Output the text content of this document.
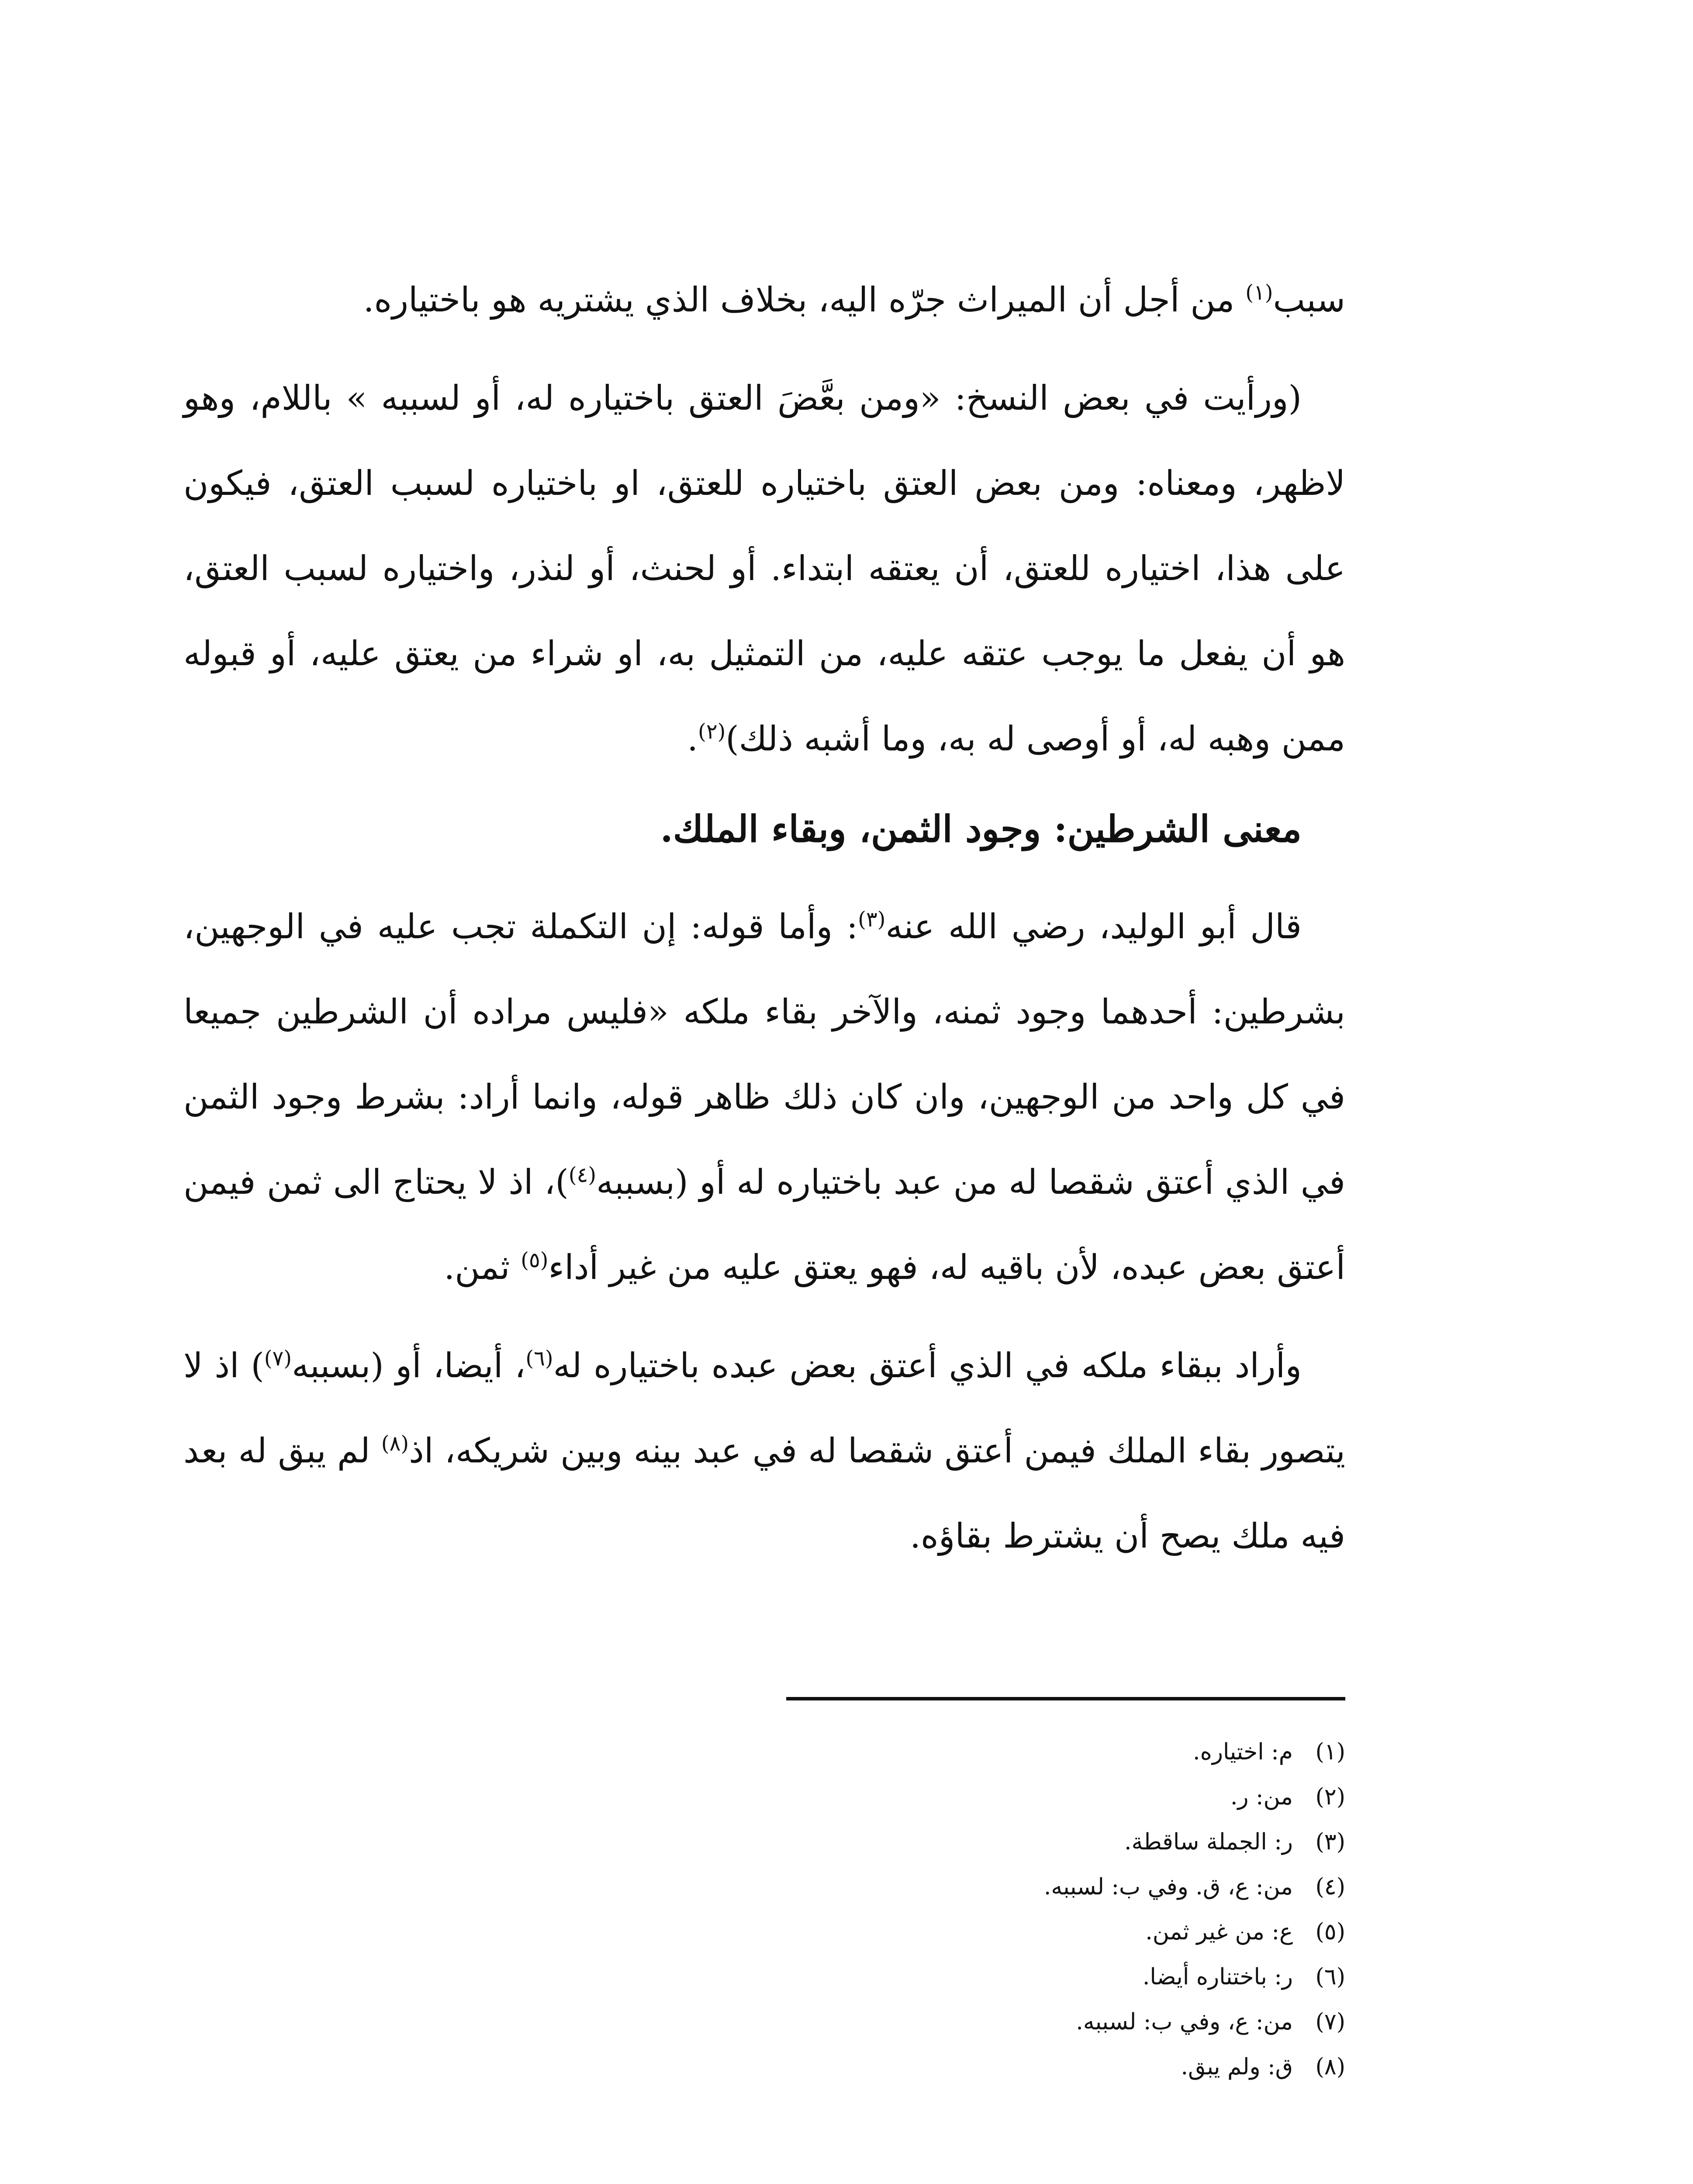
سبب$^{(١)}$ من أجل أن الميراث جرّه اليه، بخلاف الذي يشتريه هو باختياره.

(ورأيت في بعض النسخ: «ومن بعَّضَ العتق باختياره له، أو لسببه » باللام، وهو لاظهر، ومعناه: ومن بعض العتق باختياره للعتق، او باختياره لسبب العتق، فيكون على هذا، اختياره للعتق، أن يعتقه ابتداء. أو لحنث، أو لنذر، واختياره لسبب العتق، هو أن يفعل ما يوجب عتقه عليه، من التمثيل به، او شراء من يعتق عليه، أو قبوله ممن وهبه له، أو أوصى له به، وما أشبه ذلك)$^{(٢)}$.

معنى الشرطين: وجود الثمن، وبقاء الملك.

قال أبو الوليد، رضي الله عنه$^{(٣)}$: وأما قوله: إن التكملة تجب عليه في الوجهين، بشرطين: أحدهما وجود ثمنه، والآخر بقاء ملكه «فليس مراده أن الشرطين جميعا في كل واحد من الوجهين، وان كان ذلك ظاهر قوله، وانما أراد: بشرط وجود الثمن في الذي أعتق شقصا له من عبد باختياره له أو (بسببه$^{(٤)}$)، اذ لا يحتاج الى ثمن فيمن أعتق بعض عبده، لأن باقيه له، فهو يعتق عليه من غير أداء$^{(٥)}$ ثمن.

وأراد ببقاء ملكه في الذي أعتق بعض عبده باختياره له$^{(٦)}$، أيضا، أو (بسببه$^{(٧)}$) اذ لا يتصور بقاء الملك فيمن أعتق شقصا له في عبد بينه وبين شريكه، اذ$^{(٨)}$ لم يبق له بعد فيه ملك يصح أن يشترط بقاؤه.

(١)م: اختياره.
(٢)من: ر.
(٣)ر: الجملة ساقطة.
(٤)من: ع، ق. وفي ب: لسببه.
(٥)ع: من غير ثمن.
(٦)ر: باختناره أيضا.
(٧)من: ع، وفي ب: لسببه.
(٨)ق: ولم يبق.
